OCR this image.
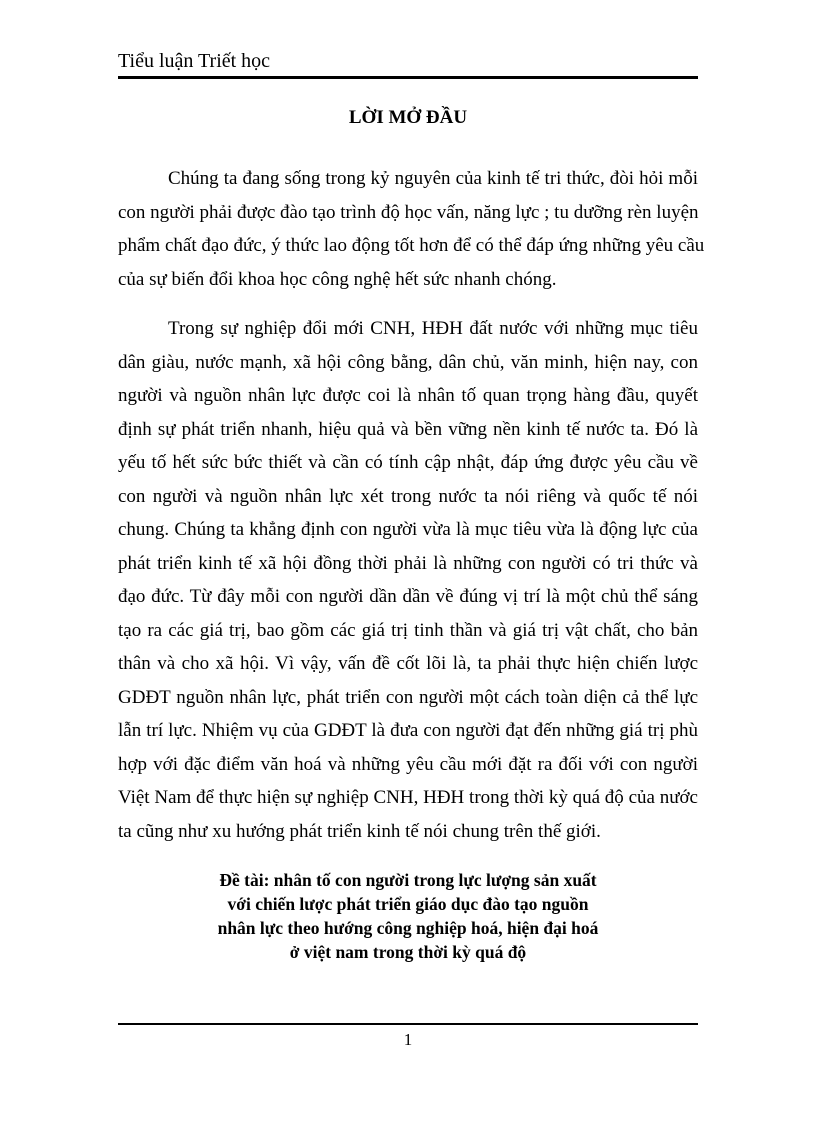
Tiểu luận Triết học
LỜI MỞ ĐẦU
Chúng ta đang sống trong kỷ nguyên của kinh tế tri thức, đòi hỏi mỗi
con người phải được đào tạo trình độ học vấn, năng lực ; tu dưỡng rèn luyện
phẩm chất đạo đức, ý thức lao động tốt hơn để có thể đáp ứng những yêu cầu
của sự biến đổi khoa học công nghệ hết sức nhanh chóng.
Trong sự nghiệp đổi mới CNH, HĐH đất nước với những mục tiêu
dân giàu, nước mạnh, xã hội công bằng, dân chủ, văn minh, hiện nay, con
người và nguồn nhân lực được coi là nhân tố quan trọng hàng đầu, quyết
định sự phát triển nhanh, hiệu quả và bền vững nền kinh tế nước ta. Đó là
yếu tố hết sức bức thiết và cần có tính cập nhật, đáp ứng được yêu cầu về
con người và nguồn nhân lực xét trong nước ta nói riêng và quốc tế nói
chung. Chúng ta khẳng định con người vừa là mục tiêu vừa là động lực của
phát triển kinh tế xã hội đồng thời phải là những con người có tri thức và
đạo đức. Từ đây mỗi con người dần dần về đúng vị trí là một chủ thể sáng
tạo ra các giá trị, bao gồm các giá trị tinh thần và giá trị vật chất, cho bản
thân và cho xã hội. Vì vậy, vấn đề cốt lõi là, ta phải thực hiện chiến lược
GDĐT nguồn nhân lực, phát triển con người một cách toàn diện cả thể lực
lẫn trí lực. Nhiệm vụ của GDĐT là đưa con người đạt đến những giá trị phù
hợp với đặc điểm văn hoá và những yêu cầu mới đặt ra đối với con người
Việt Nam để thực hiện sự nghiệp CNH, HĐH trong thời kỳ quá độ của nước
ta cũng như xu hướng phát triển kinh tế nói chung trên thế giới.
Đề tài: nhân tố con người trong lực lượng sản xuất
với chiến lược phát triển giáo dục đào tạo nguồn
nhân lực theo hướng công nghiệp hoá, hiện đại hoá
ở việt nam trong thời kỳ quá độ
1
